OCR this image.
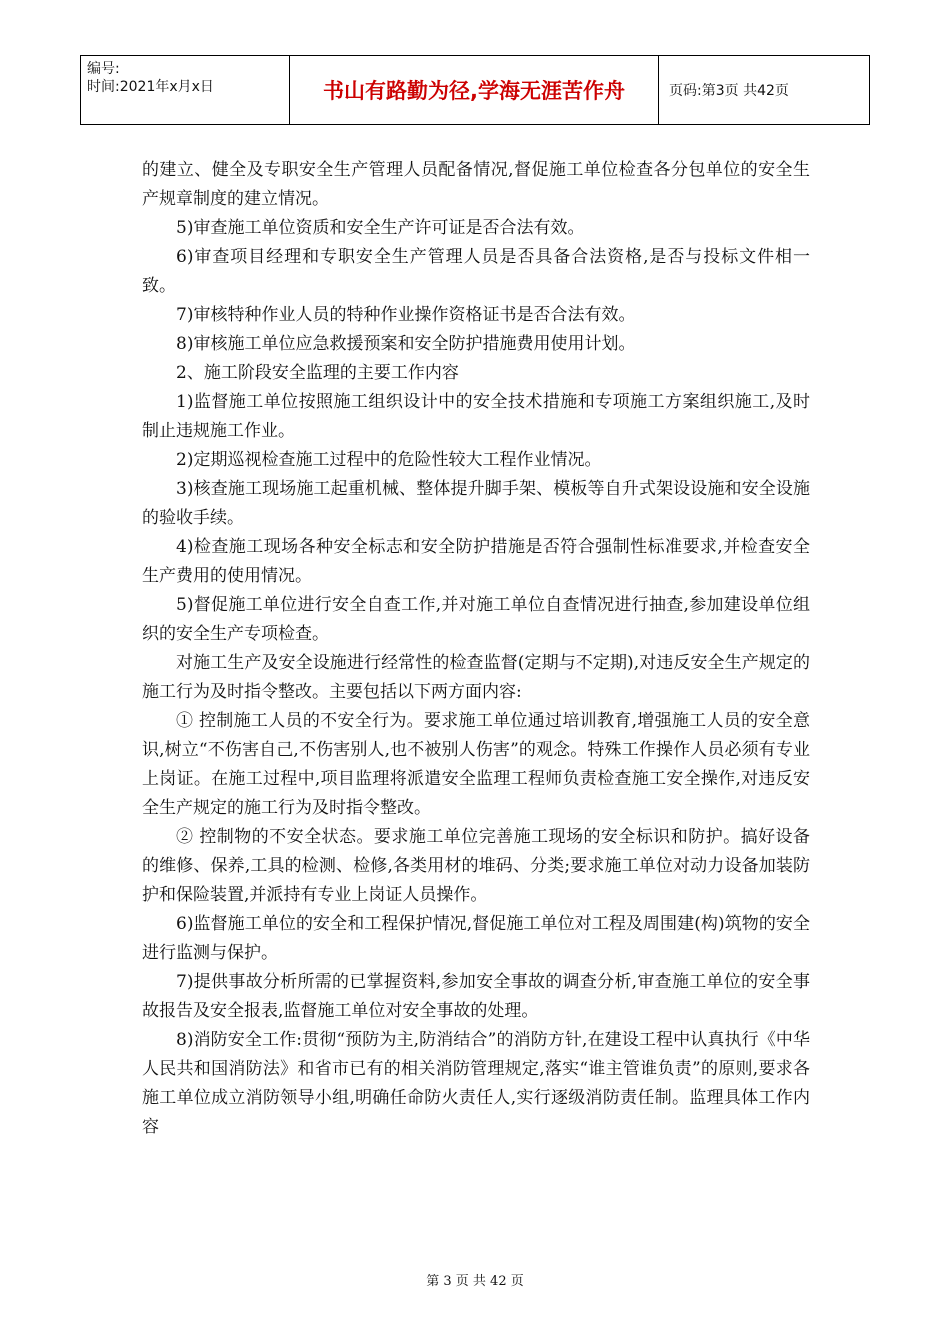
编号:
时间:2021年x月x日	书山有路勤为径,学海无涯苦作舟	页码:第3页 共42页

的建立、健全及专职安全生产管理人员配备情况,督促施工单位检查各分包单位的安全生产规章制度的建立情况。

5)审查施工单位资质和安全生产许可证是否合法有效。

6)审查项目经理和专职安全生产管理人员是否具备合法资格,是否与投标文件相一致。

7)审核特种作业人员的特种作业操作资格证书是否合法有效。

8)审核施工单位应急救援预案和安全防护措施费用使用计划。

2、施工阶段安全监理的主要工作内容

1)监督施工单位按照施工组织设计中的安全技术措施和专项施工方案组织施工,及时制止违规施工作业。

2)定期巡视检查施工过程中的危险性较大工程作业情况。

3)核查施工现场施工起重机械、整体提升脚手架、模板等自升式架设设施和安全设施的验收手续。

4)检查施工现场各种安全标志和安全防护措施是否符合强制性标准要求,并检查安全生产费用的使用情况。

5)督促施工单位进行安全自查工作,并对施工单位自查情况进行抽查,参加建设单位组织的安全生产专项检查。

对施工生产及安全设施进行经常性的检查监督(定期与不定期),对违反安全生产规定的施工行为及时指令整改。主要包括以下两方面内容:

① 控制施工人员的不安全行为。要求施工单位通过培训教育,增强施工人员的安全意识,树立“不伤害自己,不伤害别人,也不被别人伤害”的观念。特殊工作操作人员必须有专业上岗证。在施工过程中,项目监理将派遣安全监理工程师负责检查施工安全操作,对违反安全生产规定的施工行为及时指令整改。

② 控制物的不安全状态。要求施工单位完善施工现场的安全标识和防护。搞好设备的维修、保养,工具的检测、检修,各类用材的堆码、分类;要求施工单位对动力设备加装防护和保险装置,并派持有专业上岗证人员操作。

6)监督施工单位的安全和工程保护情况,督促施工单位对工程及周围建(构)筑物的安全进行监测与保护。

7)提供事故分析所需的已掌握资料,参加安全事故的调查分析,审查施工单位的安全事故报告及安全报表,监督施工单位对安全事故的处理。

8)消防安全工作:贯彻“预防为主,防消结合”的消防方针,在建设工程中认真执行《中华人民共和国消防法》和省市已有的相关消防管理规定,落实“谁主管谁负责”的原则,要求各施工单位成立消防领导小组,明确任命防火责任人,实行逐级消防责任制。监理具体工作内容

第 3 页 共 42 页
